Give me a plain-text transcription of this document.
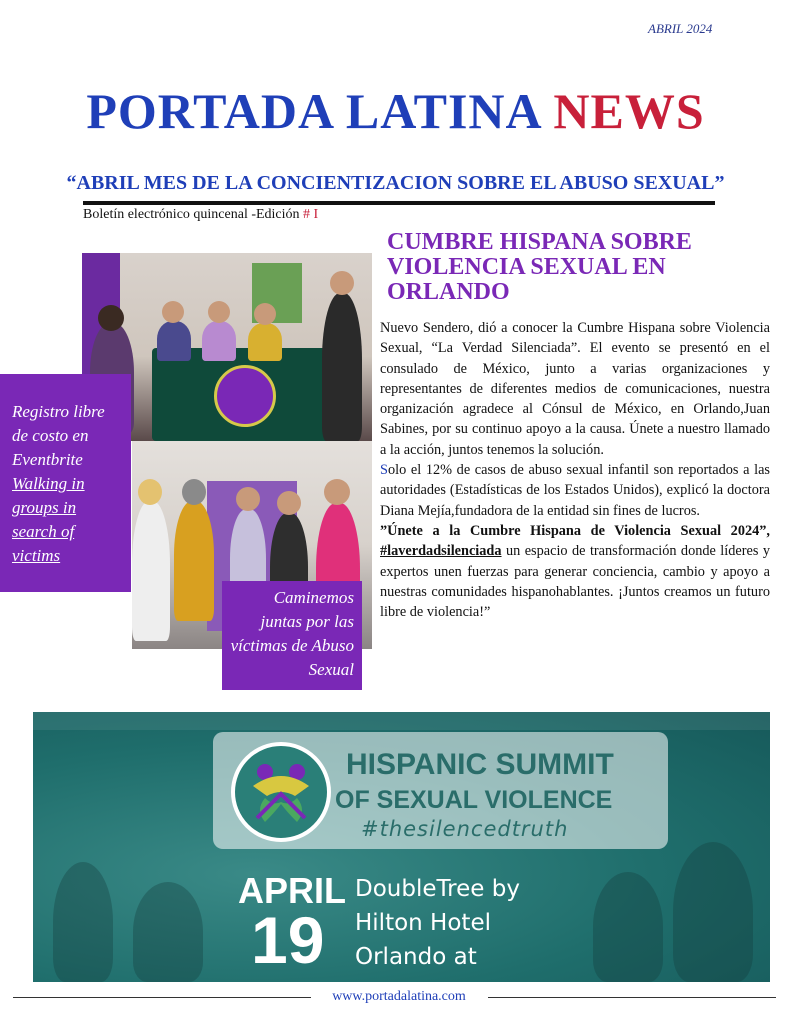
ABRIL 2024
PORTADA LATINA NEWS
“ABRIL MES DE LA CONCIENTIZACION SOBRE EL ABUSO SEXUAL”
Boletín electrónico quincenal -Edición # I
Registro libre de costo en Eventbrite
Walking in groups in search of victims
Caminemos juntas por las víctimas de Abuso Sexual
CUMBRE HISPANA SOBRE VIOLENCIA SEXUAL EN ORLANDO

Nuevo Sendero, dió a conocer la Cumbre Hispana sobre Violencia Sexual, “La Verdad Silenciada”. El evento se presentó en el consulado de México, junto a varias organizaciones y representantes de diferentes medios de comunicaciones, nuestra organización agradece al Cónsul de México, en Orlando,Juan Sabines, por su continuo apoyo a la causa. Únete a nuestro llamado a la acción, juntos tenemos la solución.

Solo el 12% de casos de abuso sexual infantil son reportados a las autoridades (Estadísticas de los Estados Unidos), explicó la doctora Diana Mejía,fundadora de la entidad sin fines de lucros.

”Únete a la Cumbre Hispana de Violencia Sexual 2024”, #laverdadsilenciada un espacio de transformación donde líderes y expertos unen fuerzas para generar conciencia, cambio y apoyo a nuestras comunidades hispanohablantes. ¡Juntos creamos un futuro libre de violencia!”

HISPANIC SUMMIT
OF SEXUAL VIOLENCE
#thesilencedtruth
APRIL
19
DoubleTree by
Hilton Hotel
Orlando at
www.portadalatina.com
